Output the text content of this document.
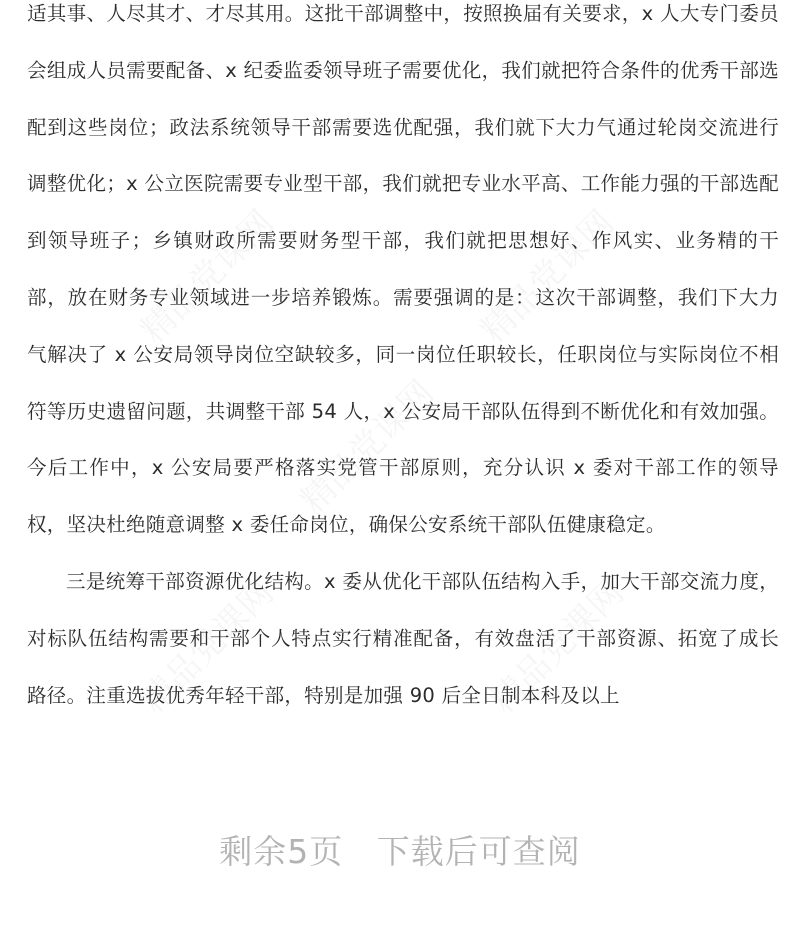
适其事、人尽其才、才尽其用。这批干部调整中，按照换届有关要求，x 人大专门委员会组成人员需要配备、x 纪委监委领导班子需要优化，我们就把符合条件的优秀干部选配到这些岗位；政法系统领导干部需要选优配强，我们就下大力气通过轮岗交流进行调整优化；x 公立医院需要专业型干部，我们就把专业水平高、工作能力强的干部选配到领导班子；乡镇财政所需要财务型干部，我们就把思想好、作风实、业务精的干部，放在财务专业领域进一步培养锻炼。需要强调的是：这次干部调整，我们下大力气解决了 x 公安局领导岗位空缺较多，同一岗位任职较长，任职岗位与实际岗位不相符等历史遗留问题，共调整干部 54 人，x 公安局干部队伍得到不断优化和有效加强。今后工作中，x 公安局要严格落实党管干部原则，充分认识 x 委对干部工作的领导权，坚决杜绝随意调整 x 委任命岗位，确保公安系统干部队伍健康稳定。

三是统筹干部资源优化结构。x 委从优化干部队伍结构入手，加大干部交流力度，对标队伍结构需要和干部个人特点实行精准配备，有效盘活了干部资源、拓宽了成长路径。注重选拔优秀年轻干部，特别是加强 90 后全日制本科及以上

精品党课网	精品党课网
精品党课网
精品党课网	精品党课网
剩余5页 下载后可查阅
